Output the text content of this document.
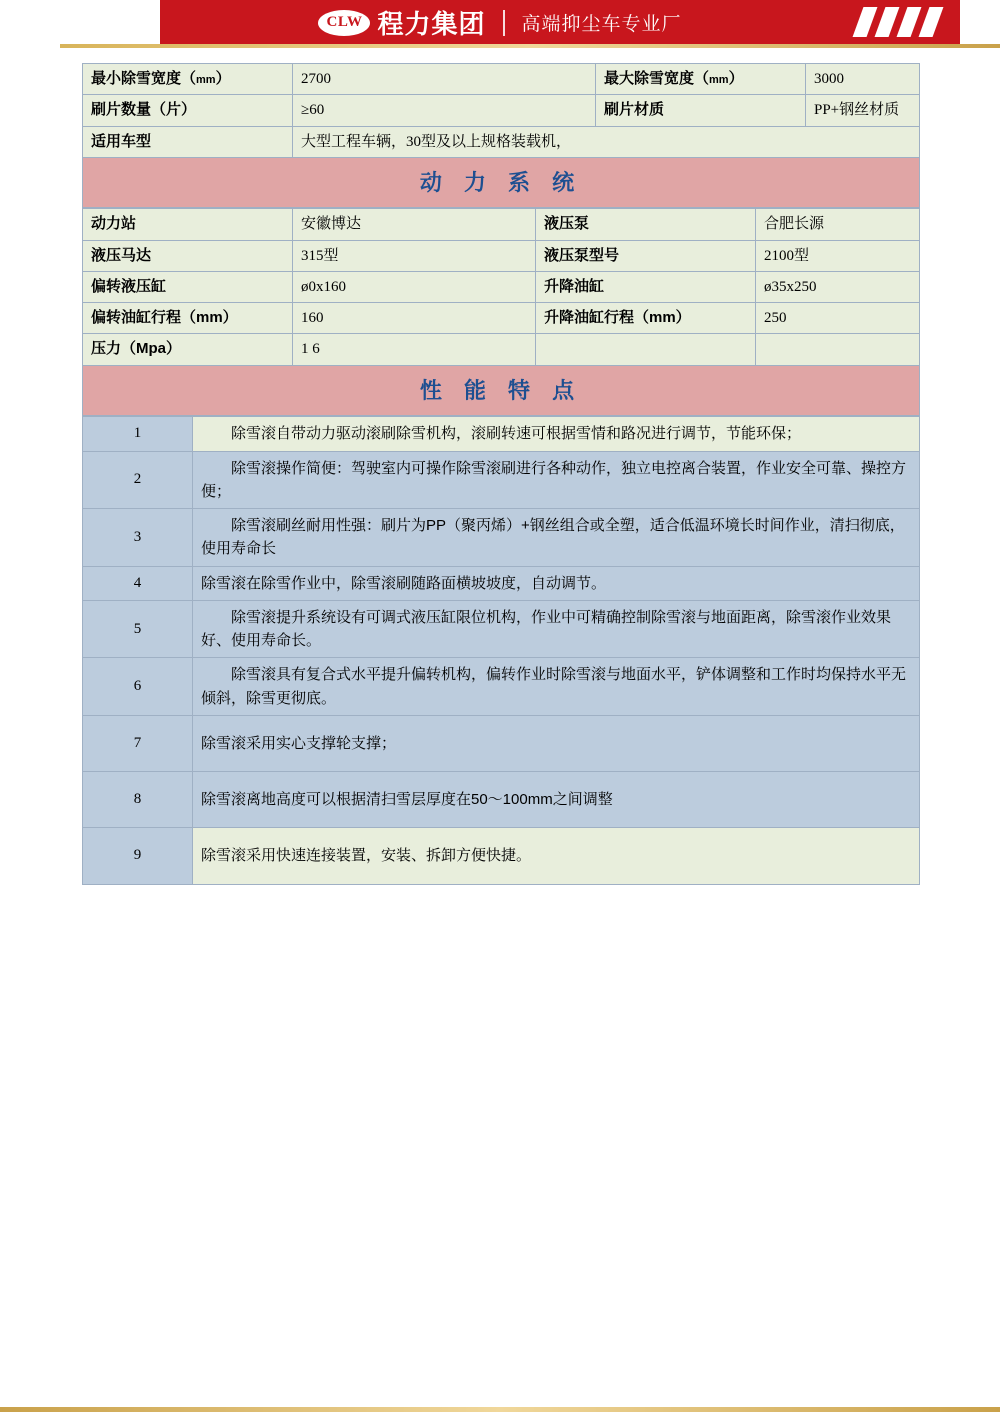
CLW 程力集团 高端抑尘车专业厂
最小除雪宽度（mm）	2700	最大除雪宽度（mm）	3000
刷片数量（片）	≥60	刷片材质	PP+钢丝材质
适用车型	大型工程车辆，30型及以上规格装载机，		
动 力 系 统			
动力站	安徽博达	液压泵	合肥长源
液压马达	315型	液压泵型号	2100型
偏转液压缸	ø0x160	升降油缸	ø35x250
偏转油缸行程（mm）	160	升降油缸行程（mm）	250
压力（Mpa）	1 6		
性 能 特 点			
1	除雪滚自带动力驱动滚刷除雪机构，滚刷转速可根据雪情和路况进行调节，节能环保；
2	除雪滚操作简便：驾驶室内可操作除雪滚刷进行各种动作，独立电控离合装置，作业安全可靠、操控方便；
3	除雪滚刷丝耐用性强：刷片为PP（聚丙烯）+钢丝组合或全塑，适合低温环境长时间作业，清扫彻底，使用寿命长
4	除雪滚在除雪作业中，除雪滚刷随路面横坡坡度，自动调节。
5	除雪滚提升系统设有可调式液压缸限位机构，作业中可精确控制除雪滚与地面距离，除雪滚作业效果好、使用寿命长。
6	除雪滚具有复合式水平提升偏转机构，偏转作业时除雪滚与地面水平，铲体调整和工作时均保持水平无倾斜，除雪更彻底。
7	除雪滚采用实心支撑轮支撑；
8	除雪滚离地高度可以根据清扫雪层厚度在50～100mm之间调整
9	除雪滚采用快速连接装置，安装、拆卸方便快捷。
